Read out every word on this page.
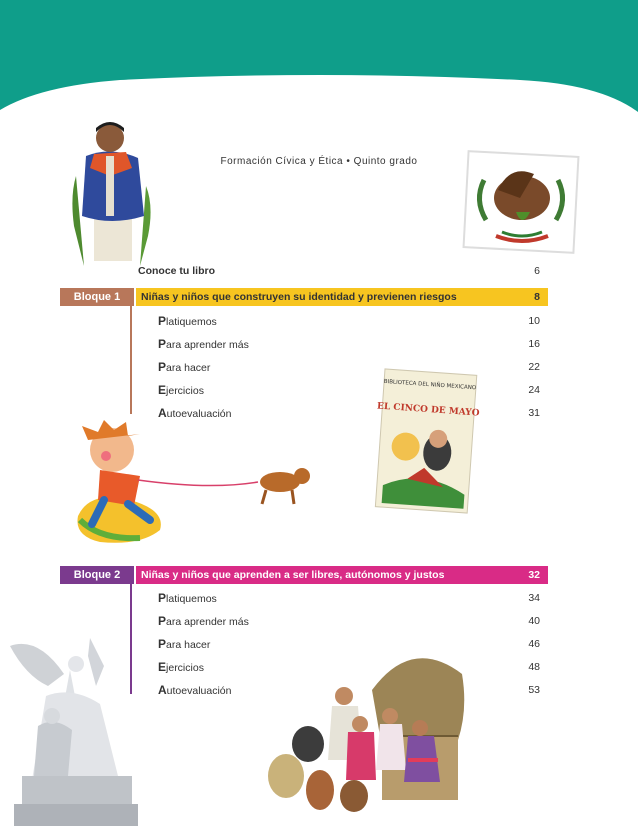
Índice
Formación Cívica y Ética • Quinto grado
Conoce tu libro	6
Bloque 1	Niñas y niños que construyen su identidad y previenen riesgos	8
Platiquemos	10
Para aprender más	16
Para hacer	22
Ejercicios	24
Autoevaluación	31
BIBLIOTECA DEL NIÑO MEXICANO
EL CINCO DE MAYO
Bloque 2	Niñas y niños que aprenden a ser libres, autónomos y justos	32
Platiquemos	34
Para aprender más	40
Para hacer	46
Ejercicios	48
Autoevaluación	53
